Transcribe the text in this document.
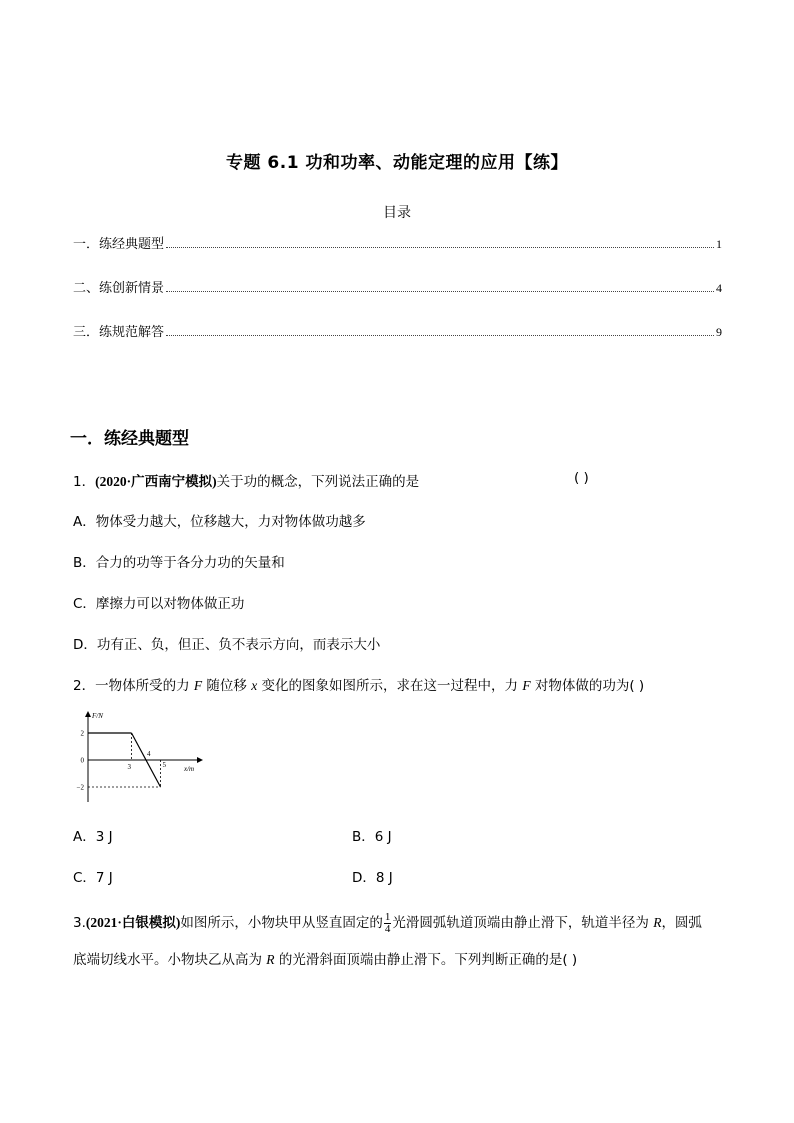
专题 6.1 功和功率、动能定理的应用【练】
目录
一．练经典题型	1
二、练创新情景	4
三．练规范解答	9
一．练经典题型
1．(2020·广西南宁模拟)关于功的概念，下列说法正确的是	( )
A．物体受力越大，位移越大，力对物体做功越多
B．合力的功等于各分力功的矢量和
C．摩擦力可以对物体做正功
D．功有正、负，但正、负不表示方向，而表示大小
2．一物体所受的力 F 随位移 x 变化的图象如图所示，求在这一过程中，力 F 对物体做的功为( )
F/N
x/m
2
0
−2
3
4
5
A．3 J	B．6 J
C．7 J	D．8 J
3.(2021·白银模拟)如图所示，小物块甲从竖直固定的 $\frac{1}{4}$ 光滑圆弧轨道顶端由静止滑下，轨道半径为 R，圆弧
底端切线水平。小物块乙从高为 R 的光滑斜面顶端由静止滑下。下列判断正确的是( )
